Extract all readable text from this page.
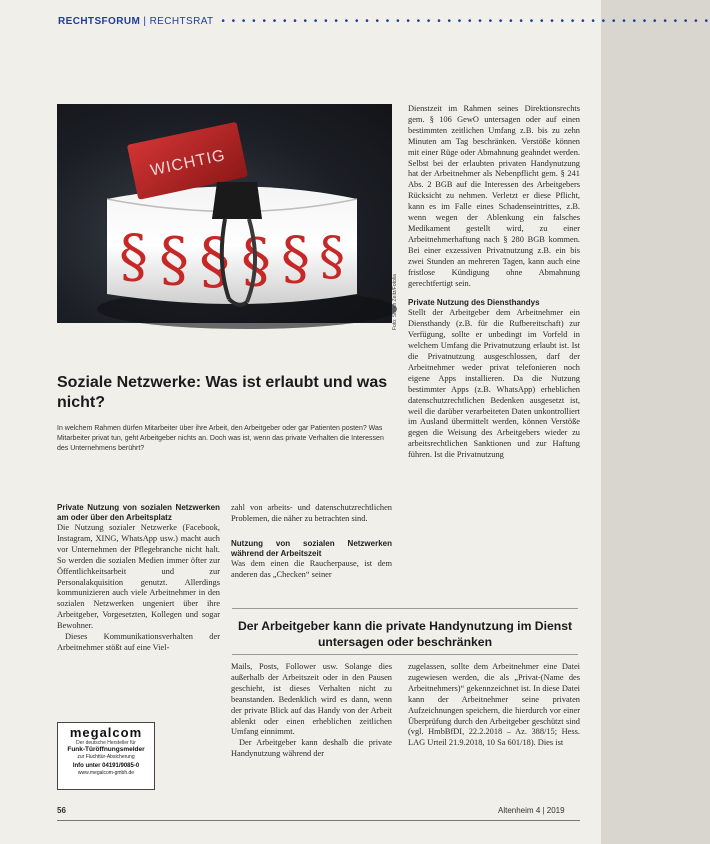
RECHTSFORUM | RECHTSRAT  • • • • • • • • • • • • • • • • • • • • • • • • • • • • • • • • • • • • • • • • • • • • • • • •
§ § § § § §
WICHTIG
Foto: Stefan Zeitz/Fotolia

Dienstzeit im Rahmen seines Direktionsrechts gem. § 106 GewO untersagen oder auf einen bestimmten zeitlichen Umfang z.B. bis zu zehn Minuten am Tag beschränken. Verstöße können mit einer Rüge oder Abmahnung geahndet werden. Selbst bei der erlaubten privaten Handynutzung hat der Arbeitnehmer als Nebenpflicht gem. § 241 Abs. 2 BGB auf die Interessen des Arbeitgebers Rücksicht zu nehmen. Verletzt er diese Pflicht, kann es im Falle eines Schadenseintrittes, z.B. wenn wegen der Ablenkung ein falsches Medikament gestellt wird, zu einer Arbeitnehmerhaftung nach § 280 BGB kommen. Bei einer exzessiven Privatnutzung z.B. ein bis zwei Stunden an mehreren Tagen, kann auch eine fristlose Kündigung ohne Abmahnung gerechtfertigt sein.

Private Nutzung des Diensthandys

Stellt der Arbeitgeber dem Arbeitnehmer ein Diensthandy (z.B. für die Rufbereitschaft) zur Verfügung, sollte er unbedingt im Vorfeld in welchem Umfang die Privatnutzung erlaubt ist. Ist die Privatnutzung ausgeschlossen, darf der Arbeitnehmer weder privat telefonieren noch eigene Apps installieren. Da die Nutzung bestimmter Apps (z.B. WhatsApp) erheblichen datenschutzrechtlichen Bedenken ausgesetzt ist, weil die darüber verarbeiteten Daten unkontrolliert im Ausland übermittelt werden, können Verstöße gegen die Weisung des Arbeitgebers wieder zu arbeitsrechtlichen Sanktionen und zur Haftung führen. Ist die Privatnutzung

Soziale Netzwerke: Was ist erlaubt und was nicht?
In welchem Rahmen dürfen Mitarbeiter über ihre Arbeit, den Arbeitgeber oder gar Patienten posten? Was Mitarbeiter privat tun, geht Arbeitgeber nichts an. Doch was ist, wenn das private Verhalten die Interessen des Unternehmens berührt?
Private Nutzung von sozialen Netzwerken am oder über den Arbeitsplatz

Die Nutzung sozialer Netzwerke (Facebook, Instagram, XING, WhatsApp usw.) macht auch vor Unternehmen der Pflegebranche nicht halt. So werden die sozialen Medien immer öfter zur Öffentlichkeitsarbeit und zur Personalakquisition genutzt. Allerdings kommunizieren auch viele Arbeitnehmer in den sozialen Netzwerken ungeniert über ihre Arbeitgeber, Vorgesetzten, Kollegen und sogar Bewohner.

Dieses Kommunikationsverhalten der Arbeitnehmer stößt auf eine Viel-

zahl von arbeits- und datenschutzrechtlichen Problemen, die näher zu betrachten sind.

Nutzung von sozialen Netzwerken während der Arbeitszeit

Was dem einen die Raucherpause, ist dem anderen das „Checken“ seiner

Der Arbeitgeber kann die private Handynutzung im Dienst untersagen oder beschränken

Mails, Posts, Follower usw. Solange dies außerhalb der Arbeitszeit oder in den Pausen geschieht, ist dieses Verhalten nicht zu beanstanden. Bedenklich wird es dann, wenn der private Blick auf das Handy von der Arbeit ablenkt oder einen erheblichen zeitlichen Umfang einnimmt.

Der Arbeitgeber kann deshalb die private Handynutzung während der

zugelassen, sollte dem Arbeitnehmer eine Datei zugewiesen werden, die als „Privat-(Name des Arbeitnehmers)“ gekennzeichnet ist. In diese Datei kann der Arbeitnehmer seine privaten Aufzeichnungen speichern, die hierdurch vor einer Überprüfung durch den Arbeitgeber geschützt sind (vgl. HmbBfDI, 22.2.2018 – Az. 388/15; Hess. LAG Urteil 21.9.2018, 10 Sa 601/18). Dies ist

megalcom
Der deutsche Hersteller für
Funk-Türöffnungsmelder
zur Fluchttür-Absicherung
Info unter 04191/9085-0
www.megalcom-gmbh.de
56	Altenheim 4 | 2019
